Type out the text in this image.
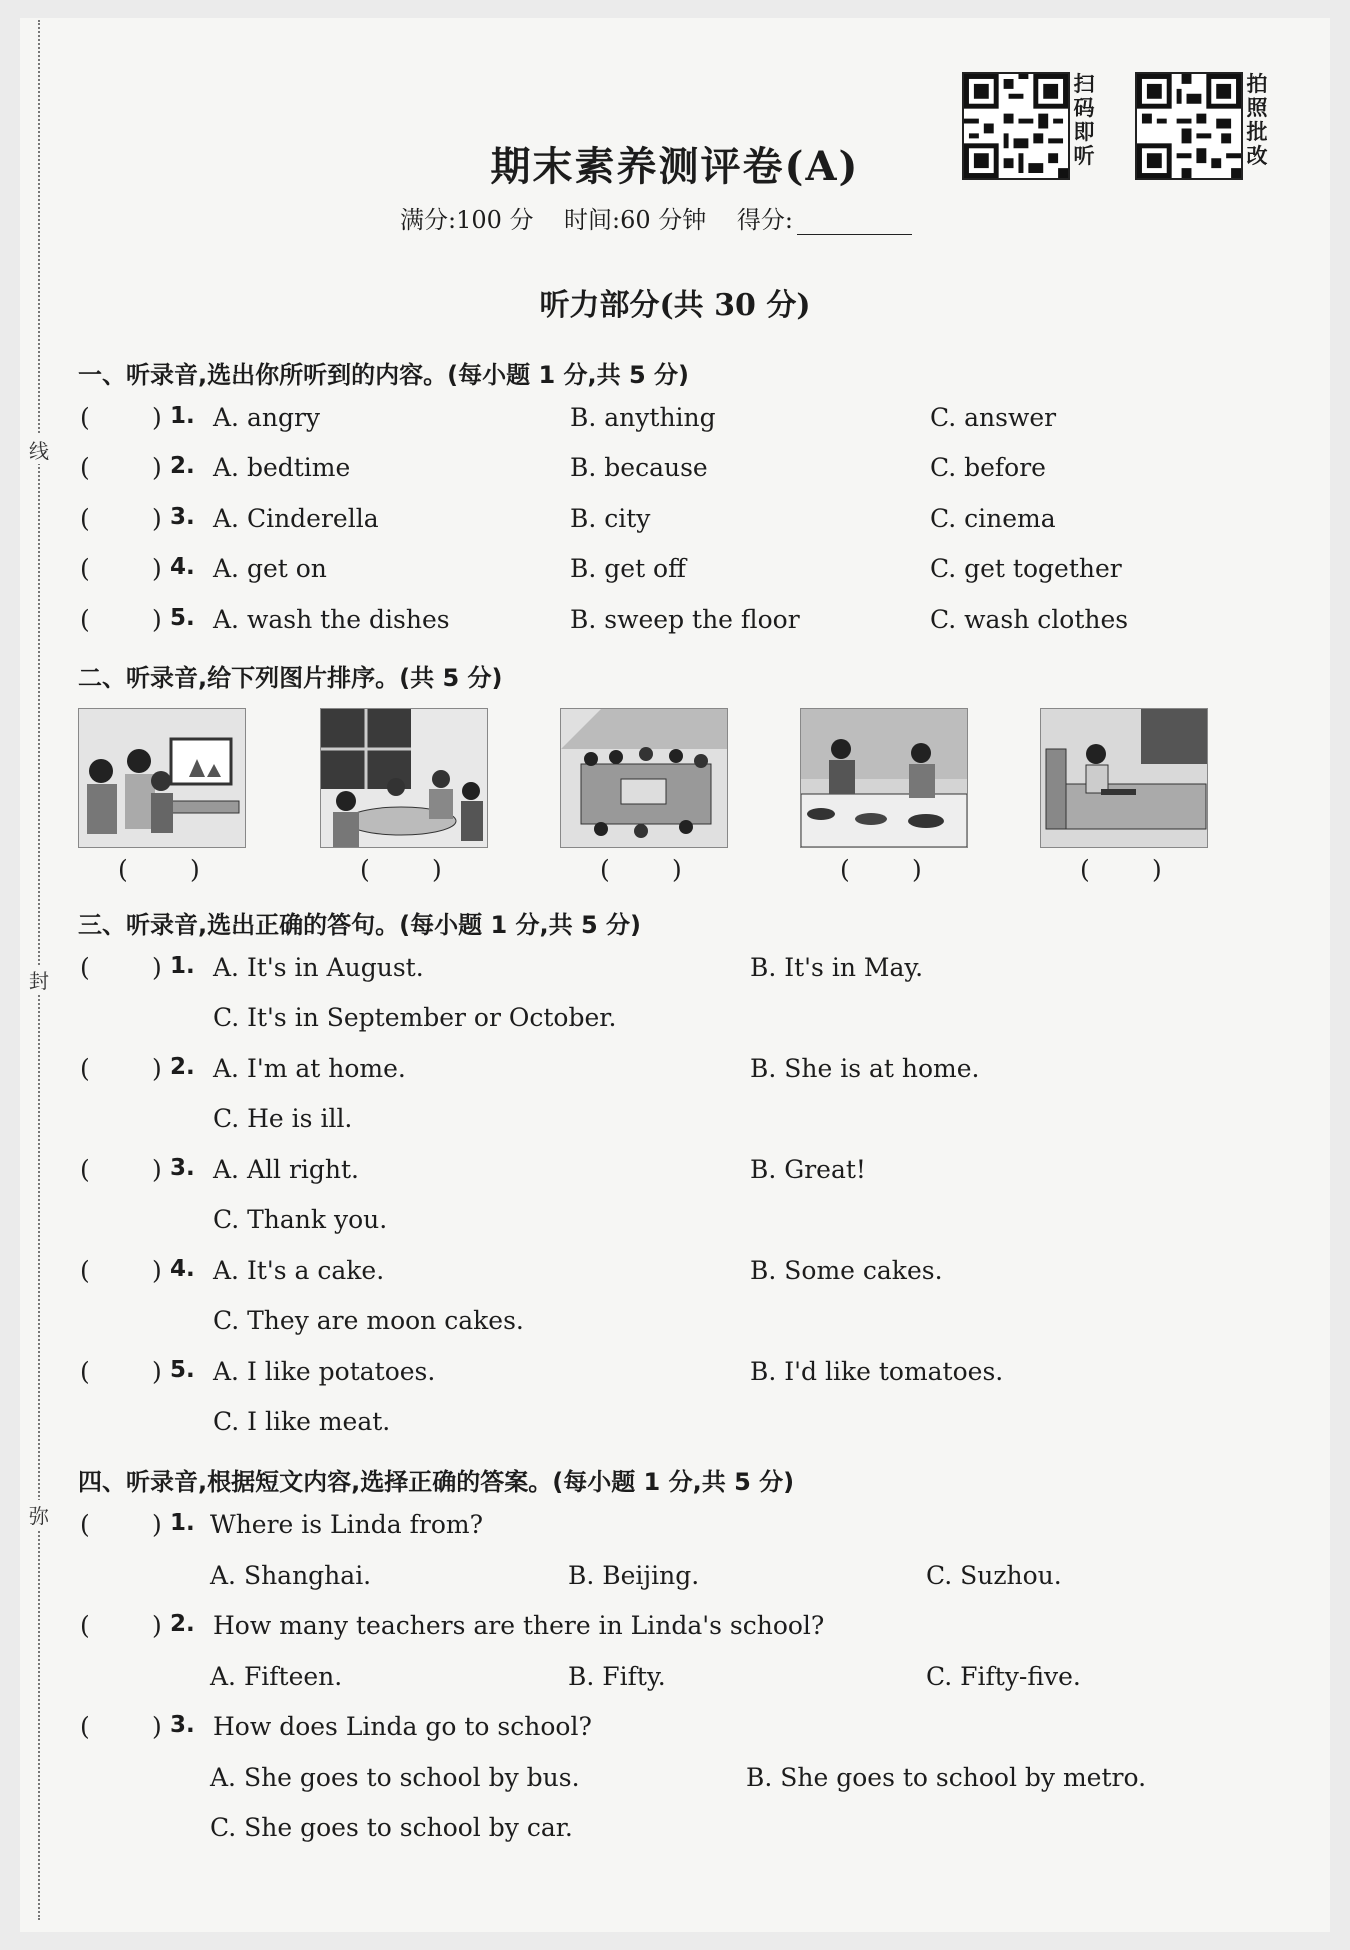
线
封
弥
扫码即听
拍照批改
期末素养测评卷(A)
满分:100 分 时间:60 分钟 得分:
听力部分(共 30 分)
一、听录音,选出你所听到的内容。(每小题 1 分,共 5 分)
( ) 1. A. angry	B. anything	C. answer
( ) 2. A. bedtime	B. because	C. before
( ) 3. A. Cinderella	B. city	C. cinema
( ) 4. A. get on	B. get off	C. get together
( ) 5. A. wash the dishes	B. sweep the floor	C. wash clothes
二、听录音,给下列图片排序。(共 5 分)
( )	( )	( )	( )	( )
三、听录音,选出正确的答句。(每小题 1 分,共 5 分)
( ) 1. A. It's in August.	B. It's in May.
C. It's in September or October.
( ) 2. A. I'm at home.	B. She is at home.
C. He is ill.
( ) 3. A. All right.	B. Great!
C. Thank you.
( ) 4. A. It's a cake.	B. Some cakes.
C. They are moon cakes.
( ) 5. A. I like potatoes.	B. I'd like tomatoes.
C. I like meat.
四、听录音,根据短文内容,选择正确的答案。(每小题 1 分,共 5 分)
( ) 1. Where is Linda from?
A. Shanghai.	B. Beijing.	C. Suzhou.
( ) 2. How many teachers are there in Linda's school?
A. Fifteen.	B. Fifty.	C. Fifty-five.
( ) 3. How does Linda go to school?
A. She goes to school by bus.	B. She goes to school by metro.
C. She goes to school by car.
